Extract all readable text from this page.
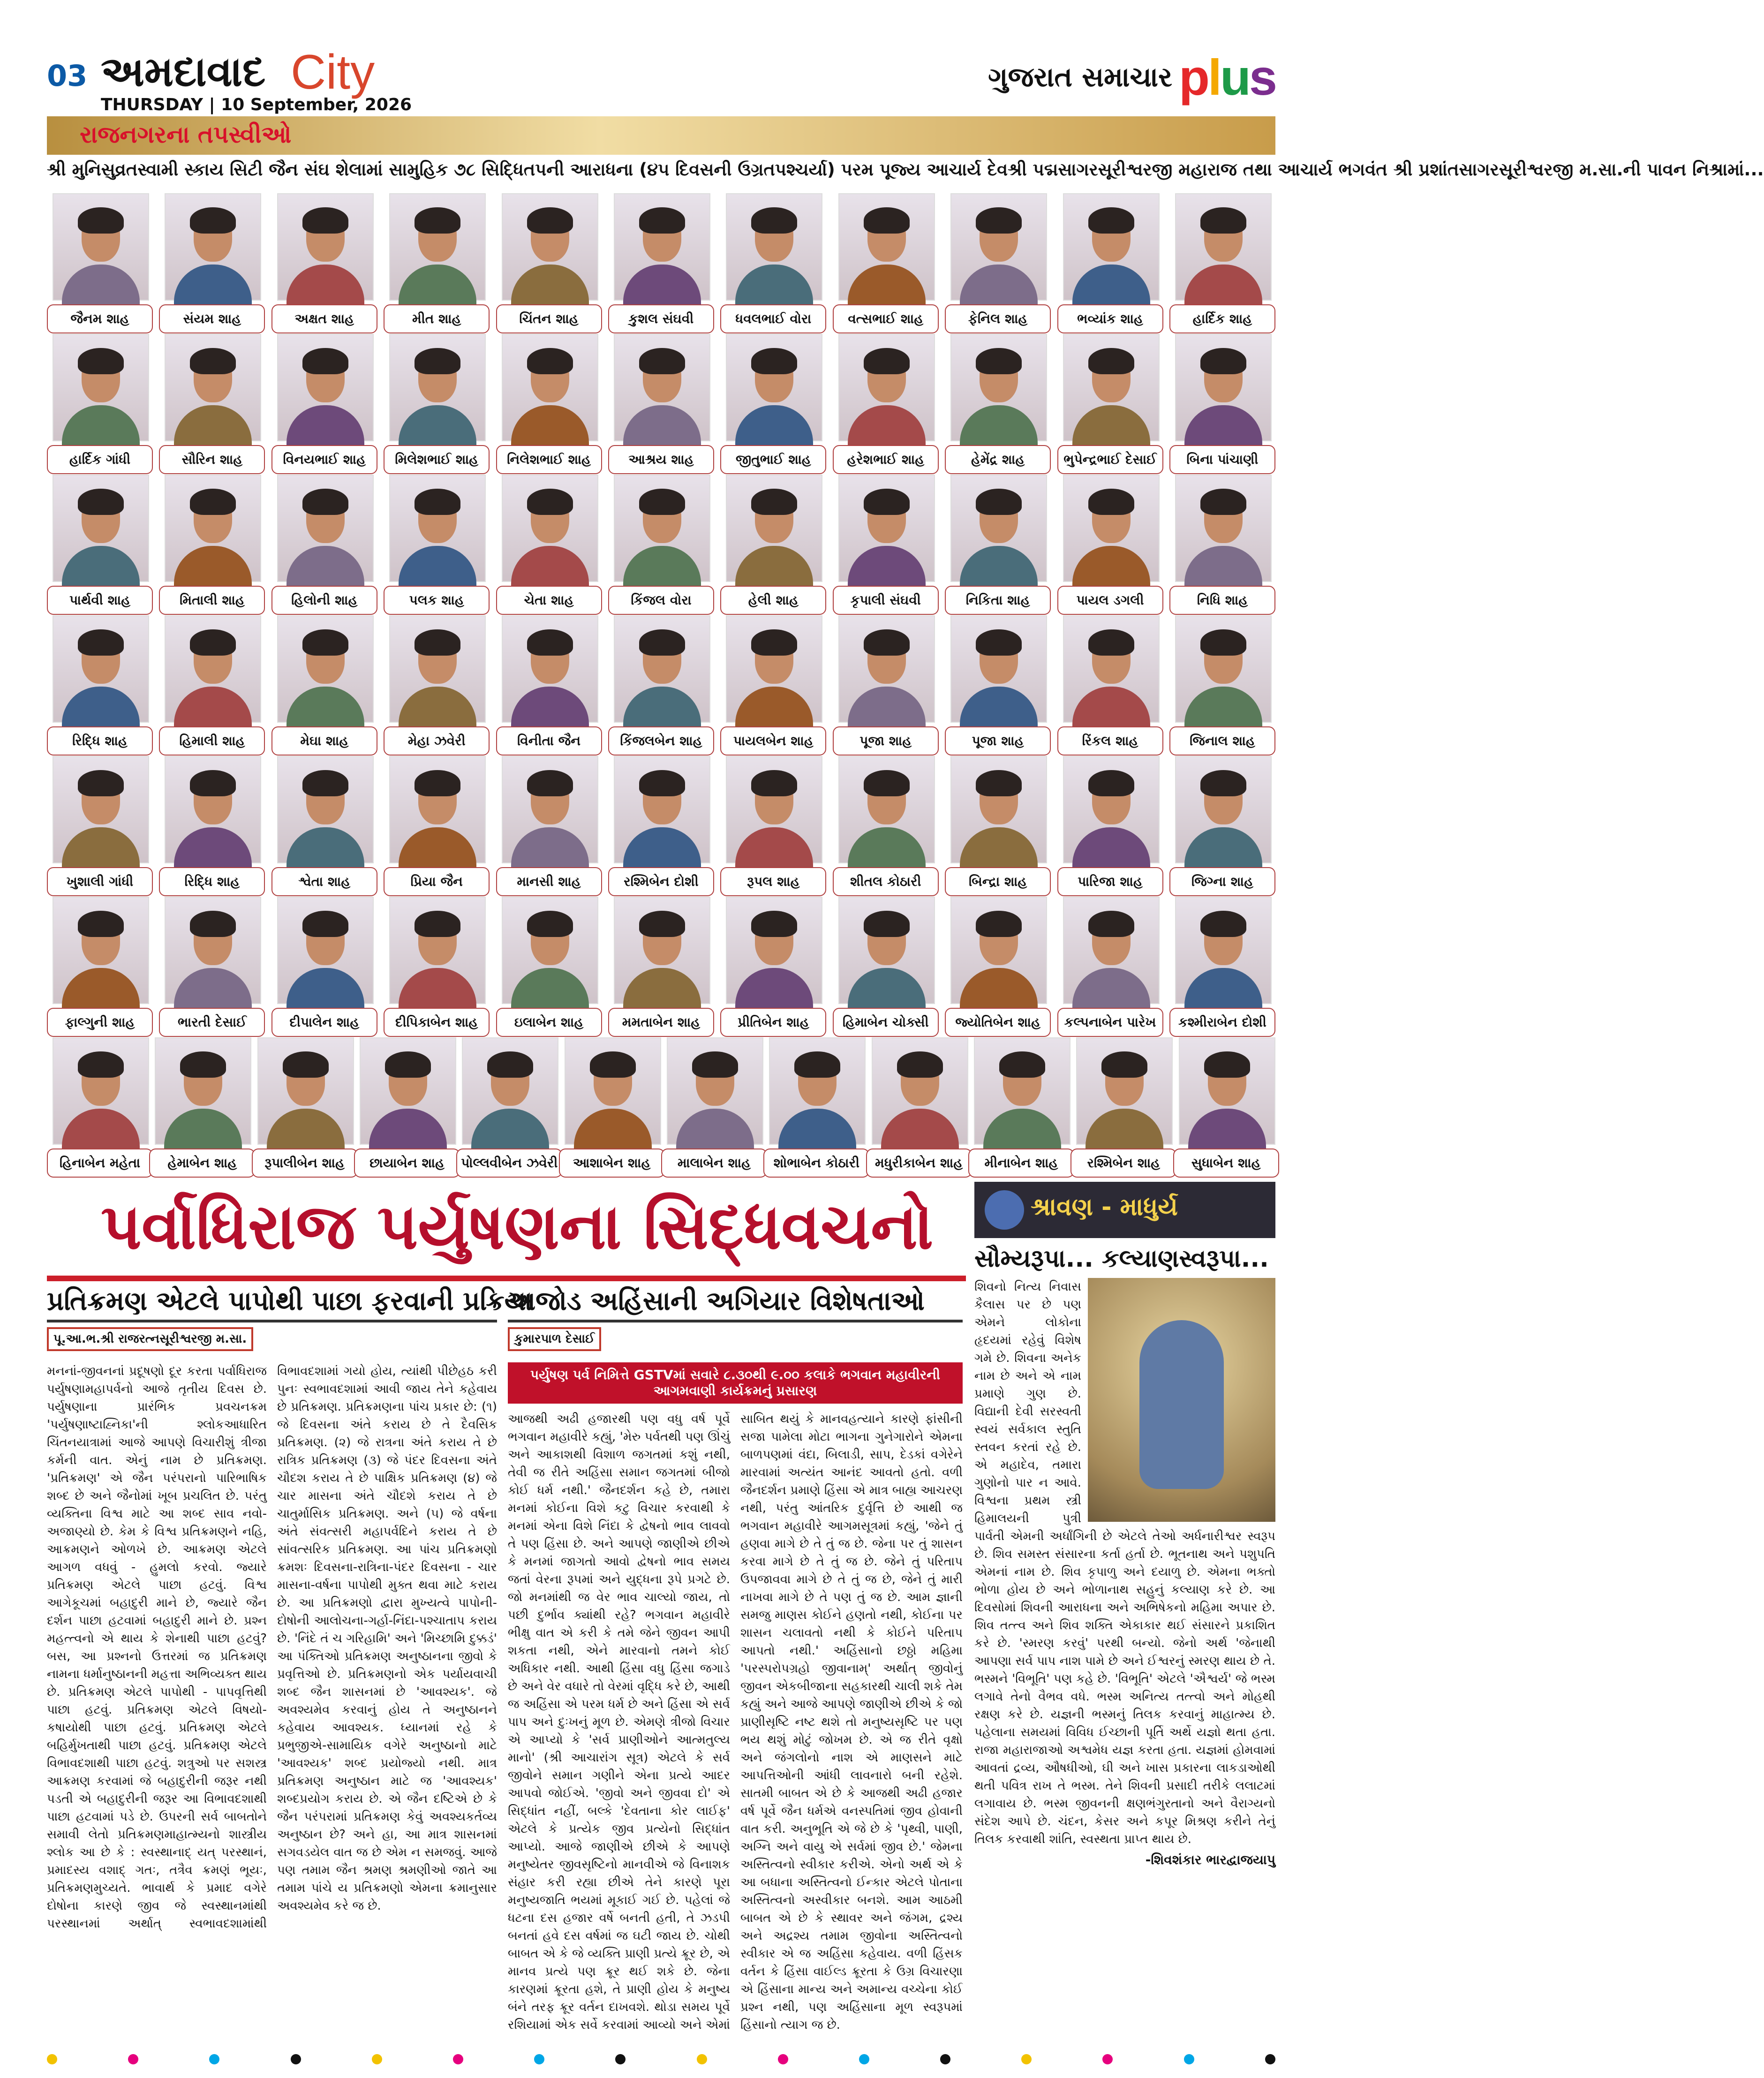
03 અમદાવાદ City
THURSDAY | 10 September, 2026
ગુજરાત સમાચાર plus
રાજનગરના તપસ્વીઓ
શ્રી મુનિસુવ્રતસ્વામી સ્કાય સિટી જૈન સંઘ શેલામાં સામુહિક ૭૮ સિદ્ધિતપની આરાધના (૪૫ દિવસની ઉગ્રતપશ્ચર્યા) પરમ પૂજ્ય આચાર્ય દેવશ્રી પદ્મસાગરસૂરીશ્વરજી મહારાજ તથા આચાર્ય ભગવંત શ્રી પ્રશાંતસાગરસૂરીશ્વરજી મ.સા.ની પાવન નિશ્રામાં...
જૈનમ શાહ	સંયમ શાહ	અક્ષત શાહ	મીત શાહ	ચિંતન શાહ	કુશલ સંઘવી	ધવલભાઈ વોરા	વત્સભાઈ શાહ	ફેનિલ શાહ	ભવ્યાંક શાહ	હાર્દિક શાહ
હાર્દિક ગાંધી	સૌરિન શાહ	વિનયભાઈ શાહ	મિલેશભાઈ શાહ	નિલેશભાઈ શાહ	આશ્રય શાહ	જીતુભાઈ શાહ	હરેશભાઈ શાહ	હેમેંદ્ર શાહ	ભુપેન્દ્રભાઈ દેસાઈ	બિના પાંચાણી
પાર્થવી શાહ	મિતાલી શાહ	હિલોની શાહ	પલક શાહ	ચેતા શાહ	કિંજલ વોરા	હેલી શાહ	કૃપાલી સંઘવી	નિકિતા શાહ	પાયલ ડગલી	નિધિ શાહ
રિદ્ધિ શાહ	હિમાલી શાહ	મેઘા શાહ	મેહા ઝવેરી	વિનીતા જૈન	કિંજલબેન શાહ	પાયલબેન શાહ	પૂજા શાહ	પૂજા શાહ	રિંકલ શાહ	જિનાલ શાહ
ખુશાલી ગાંધી	રિદ્ધિ શાહ	શ્વેતા શાહ	પ્રિયા જૈન	માનસી શાહ	રશ્મિબેન દોશી	રૂપલ શાહ	શીતલ કોઠારી	બિન્દ્રા શાહ	પારિજા શાહ	જિગ્ના શાહ
ફાલ્ગુની શાહ	ભારતી દેસાઈ	દીપાલેન શાહ	દીપિકાબેન શાહ	ઇલાબેન શાહ	મમતાબેન શાહ	પ્રીતિબેન શાહ	હિમાબેન ચોક્સી	જ્યોતિબેન શાહ	કલ્પનાબેન પારેખ	કશ્મીરાબેન દોશી
હિનાબેન મહેતા	હેમાબેન શાહ	રૂપાલીબેન શાહ	છાયાબેન શાહ	પોલ્લવીબેન ઝવેરી	આશાબેન શાહ	માલાબેન શાહ	શોભાબેન કોઠારી	મધુરીકાબેન શાહ	મીનાબેન શાહ	રશ્મિબેન શાહ	સુધાબેન શાહ
પર્વાધિરાજ પર્યુષણના સિદ્ધવચનો
પ્રતિક્રમણ એટલે પાપોથી પાછા ફરવાની પ્રક્રિયા
પૂ.આ.ભ.શ્રી રાજરત્નસૂરીશ્વરજી મ.સા.
મનનાં-જીવનનાં પ્રદૂષણો દૂર કરતા પર્વાધિરાજ પર્યુષણામહાપર્વનો આજે તૃતીય દિવસ છે. પર્યુષણાના પ્રારંભિક પ્રવચનક્રમ 'પર્યુષણાષ્ટાહ્નિકા'ની શ્લોકઆધારિત ચિંતનયાત્રામાં આજે આપણે વિચારીશું ત્રીજા કર્મની વાત. એનું નામ છે પ્રતિક્રમણ. 'પ્રતિક્રમણ' એ જૈન પરંપરાનો પારિભાષિક શબ્દ છે અને જૈનોમાં ખૂબ પ્રચલિત છે. પરંતુ વ્યક્તિના વિશ્વ માટે આ શબ્દ સાવ નવો-અજાણ્યો છે. કેમ કે વિશ્વ પ્રતિક્રમણને નહિ, આક્રમણને ઓળખે છે. આક્રમણ એટલે આગળ વધવું - હુમલો કરવો. જ્યારે પ્રતિક્રમણ એટલે પાછા હટવું. વિશ્વ આગેકૂચમાં બહાદુરી માને છે, જ્યારે જૈન દર્શન પાછા હટવામાં બહાદુરી માને છે. પ્રશ્ન મહત્ત્વનો એ થાય કે શેનાથી પાછા હટવું? બસ, આ પ્રશ્નનો ઉત્તરમાં જ પ્રતિક્રમણ નામના ધર્માનુષ્ઠાનની મહત્તા અભિવ્યક્ત થાય છે. પ્રતિક્રમણ એટલે પાપોથી - પાપવૃત્તિથી પાછા હટવું. પ્રતિક્રમણ એટલે વિષયો-કષાયોથી પાછા હટવું. પ્રતિક્રમણ એટલે બહિર્મુખતાથી પાછા હટવું. પ્રતિક્રમણ એટલે વિભાવદશાથી પાછા હટવું. શત્રુઓ પર સશસ્ત્ર આક્રમણ કરવામાં જે બહાદુરીની જરૂર નથી પડતી એ બહાદુરીની જરૂર આ વિભાવદશાથી પાછા હટવામાં પડે છે. ઉપરની સર્વ બાબતોને સમાવી લેતો પ્રતિક્રમણમાહાત્મ્યનો શાસ્ત્રીય શ્લોક આ છે કે : સ્વસ્થાનાદ્ યત્ પરસ્થાનં, પ્રમાદસ્ય વશાદ્ ગતઃ, તત્રૈવ ક્રમણં ભૂયઃ, પ્રતિક્રમણમુચ્યતે. ભાવાર્થ કે પ્રમાદ વગેરે દોષોના કારણે જીવ જે સ્વસ્થાનમાંથી પરસ્થાનમાં અર્થાત્ સ્વભાવદશામાંથી વિભાવદશામાં ગયો હોય, ત્યાંથી પીછેહઠ કરી પુનઃ સ્વભાવદશામાં આવી જાય તેને કહેવાય છે પ્રતિક્રમણ. પ્રતિક્રમણના પાંચ પ્રકાર છે: (૧) જે દિવસના અંતે કરાય છે તે દૈવસિક પ્રતિક્રમણ. (૨) જે રાત્રના અંતે કરાય તે છે રાત્રિક પ્રતિક્રમણ (૩) જે પંદર દિવસના અંતે ચૌદશ કરાય તે છે પાક્ષિક પ્રતિક્રમણ (૪) જે ચાર માસના અંતે ચૌદશે કરાય તે છે ચાતુર્માસિક પ્રતિક્રમણ. અને (૫) જે વર્ષના અંતે સંવત્સરી મહાપર્વદિને કરાય તે છે સાંવત્સરિક પ્રતિક્રમણ. આ પાંચ પ્રતિક્રમણો ક્રમશઃ દિવસના-રાત્રિના-પંદર દિવસના - ચાર માસના-વર્ષના પાપોથી મુક્ત થવા માટે કરાય છે. આ પ્રતિક્રમણો દ્વારા મુખ્યત્વે પાપોની-દોષોની આલોચના-ગર્હા-નિંદા-પશ્ચાતાપ કરાય છે. 'નિંદે તં ચ ગરિહામિ' અને 'મિચ્છામિ દુક્કડં' આ પંક્તિઓ પ્રતિક્રમણ અનુષ્ઠાનના જીવો કે પ્રવૃત્તિઓ છે. પ્રતિક્રમણનો એક પર્યાયવાચી શબ્દ જૈન શાસનમાં છે 'આવશ્યક'. જે અવશ્યમેવ કરવાનું હોય તે અનુષ્ઠાનને કહેવાય આવશ્યક. ધ્યાનમાં રહે કે પ્રભુજીએ-સામાયિક વગેરે અનુષ્ઠાનો માટે 'આવશ્યક' શબ્દ પ્રયોજ્યો નથી. માત્ર પ્રતિક્રમણ અનુષ્ઠાન માટે જ 'આવશ્યક' શબ્દપ્રયોગ કરાય છે. એ જૈન દષ્ટિએ છે કે જૈન પરંપરામાં પ્રતિક્રમણ કેવું અવશ્યકર્તવ્ય અનુષ્ઠાન છે? અને હા, આ માત્ર શાસનમાં સગવડયેલ વાત જ છે એમ ન સમજવું. આજે પણ તમામ જૈન શ્રમણ શ્રમણીઓ જાતે આ તમામ પાંચે ય પ્રતિક્રમણો એમના ક્રમાનુસાર અવશ્યમેવ કરે જ છે.
અજોડ અહિંસાની અગિયાર વિશેષતાઓ
કુમારપાળ દેસાઈ
પર્યુષણ પર્વ નિમિત્તે GSTVમાં સવારે ૮.૩૦થી ૯.૦૦ કલાકે ભગવાન મહાવીરની આગમવાણી કાર્યક્રમનું પ્રસારણ
આજથી અઢી હજારથી પણ વધુ વર્ષ પૂર્વે ભગવાન મહાવીરે કહ્યું, 'મેરુ પર્વતથી પણ ઊંચું અને આકાશથી વિશાળ જગતમાં કશું નથી, તેવી જ રીતે અહિંસા સમાન જગતમાં બીજો કોઈ ધર્મ નથી.' જૈનદર્શન કહે છે, તમારા મનમાં કોઈના વિશે કટુ વિચાર કરવાથી કે મનમાં એના વિશે નિંદા કે દ્વેષનો ભાવ લાવવો તે પણ હિંસા છે. અને આપણે જાણીએ છીએ કે મનમાં જાગતો આવો દ્વેષનો ભાવ સમય જતાં વેરના રૂપમાં અને યુદ્ધના રૂપે પ્રગટે છે. જો મનમાંથી જ વેર ભાવ ચાલ્યો જાય, તો પછી દુર્ભાવ ક્યાંથી રહે? ભગવાન મહાવીરે ભીક્ષુ વાત એ કરી કે તમે જેને જીવન આપી શકતા નથી, એને મારવાનો તમને કોઈ અધિકાર નથી. આથી હિંસા વધુ હિંસા જગાડે છે અને વેર વધારે તો વેરમાં વૃદ્ધિ કરે છે, આથી જ અહિંસા એ પરમ ધર્મ છે અને હિંસા એ સર્વ પાપ અને દુઃખનું મૂળ છે. એમણે ત્રીજો વિચાર એ આપ્યો કે 'સર્વ પ્રાણીઓને આત્મતુલ્ય માનો' (શ્રી આચારાંગ સૂત્ર) એટલે કે સર્વ જીવોને સમાન ગણીને એના પ્રત્યે આદર આપવો જોઈએ. 'જીવો અને જીવવા દો' એ સિદ્ધાંત નહીં, બલ્કે 'દેવતાના કોર લાઈફ' એટલે કે પ્રત્યેક જીવ પ્રત્યેનો સિદ્ધાંત આપ્યો. આજે જાણીએ છીએ કે આપણે મનુષ્યેતર જીવસૃષ્ટિનો માનવીએ જે વિનાશક સંહાર કરી રહ્યા છીએ તેને કારણે પૂરા મનુષ્યજાતિ ભયમાં મૂકાઈ ગઈ છે. પહેલાં જે ધટના દસ હજાર વર્ષે બનતી હતી, તે ઝડપી બનતાં હવે દસ વર્ષમાં જ ઘટી જાય છે. ચોથી બાબત એ કે જે વ્યક્તિ પ્રાણી પ્રત્યે ક્રૂર છે, એ માનવ પ્રત્યે પણ ક્રૂર થઈ શકે છે. જેના કારણમાં ક્રૂરતા હશે, તે પ્રાણી હોય કે મનુષ્ય બંને તરફ ક્રૂર વર્તન દાખવશે. થોડા સમય પૂર્વે રશિયામાં એક સર્વે કરવામાં આવ્યો અને એમાં સાબિત થયું કે માનવહત્યાને કારણે ફાંસીની સજા પામેલા મોટા ભાગના ગુનેગારોને એમના બાળપણમાં વંદા, બિલાડી, સાપ, દેડકાં વગેરેને મારવામાં અત્યંત આનંદ આવતો હતો. વળી જૈનદર્શન પ્રમાણે હિંસા એ માત્ર બાહ્ય આચરણ નથી, પરંતુ આંતરિક દુર્વૃત્તિ છે આથી જ ભગવાન મહાવીરે આગમસૂત્રમાં કહ્યું, 'જેને તું હણવા માગે છે તે તું જ છે. જેના પર તું શાસન કરવા માગે છે તે તું જ છે. જેને તું પરિતાપ ઉપજાવવા માગે છે તે તું જ છે, જેને તું મારી નાખવા માગે છે તે પણ તું જ છે. આમ જ્ઞાની સમજુ માણસ કોઈને હણતો નથી, કોઈના પર શાસન ચલાવતો નથી કે કોઈને પરિતાપ આપતો નથી.' અહિંસાનો છઠ્ઠો મહિમા 'પરસ્પરોપગ્રહો જીવાનામ્' અર્થાત્ જીવોનું જીવન એકબીજાના સહકારથી ચાલી શકે તેમ કહ્યું અને આજે આપણે જાણીએ છીએ કે જો પ્રાણીસૃષ્ટિ નષ્ટ થશે તો મનુષ્યસૃષ્ટિ પર પણ ભય થશું મોટું જોખમ છે. એ જ રીતે વૃક્ષો અને જંગલોનો નાશ એ માણસને માટે આપત્તિઓની આંધી લાવનારો બની રહેશે. સાતમી બાબત એ છે કે આજથી અઢી હજાર વર્ષ પૂર્વે જૈન ધર્મએ વનસ્પતિમાં જીવ હોવાની વાત કરી. અનુભૂતિ એ જે છે કે 'પૃથ્વી, પાણી, અગ્નિ અને વાયુ એ સર્વમાં જીવ છે.' જેમના અસ્તિત્વનો સ્વીકાર કરીએ. એનો અર્થ એ કે આ બધાના અસ્તિત્વનો ઈન્કાર એટલે પોતાના અસ્તિત્વનો અસ્વીકાર બનશે. આમ આઠમી બાબત એ છે કે સ્થાવર અને જંગમ, દ્રશ્ય અને અદ્રશ્ય તમામ જીવોના અસ્તિત્વનો સ્વીકાર એ જ અહિંસા કહેવાય. વળી હિંસક વર્તન કે હિંસા વાઈલ્ડ ક્રૂરતા કે ઉગ્ર વિચારણા એ હિંસાના માન્ય અને અમાન્ય વચ્ચેના કોઈ પ્રશ્ન નથી, પણ અહિંસાના મૂળ સ્વરૂપમાં હિંસાનો ત્યાગ જ છે.
શ્રાવણ - માધુર્ય
સૌમ્યરૂપા... કલ્યાણસ્વરૂપા...
શિવનો નિત્ય નિવાસ કૈલાસ પર છે પણ એમને લોકોના હૃદયમાં રહેવું વિશેષ ગમે છે. શિવના અનેક નામ છે અને એ નામ પ્રમાણે ગુણ છે. વિદ્યાની દેવી સરસ્વતી સ્વયં સર્વકાલ સ્તુતિ સ્તવન કરતાં રહે છે. એ મહાદેવ, તમારા ગુણોનો પાર ન આવે. વિશ્વના પ્રથમ સ્ત્રી હિમાલયની પુત્રી પાર્વતી એમની અર્ધાંગિની છે એટલે તેઓ અર્ધનારીશ્વર સ્વરૂપ છે. શિવ સમસ્ત સંસારના કર્તા હર્તા છે. ભૂતનાથ અને પશુપતિ એમનાં નામ છે. શિવ કૃપાળુ અને દયાળુ છે. એમના ભક્તો ભોળા હોય છે અને ભોળાનાથ સહુનું કલ્યાણ કરે છે. આ દિવસોમાં શિવની આરાધના અને અભિષેકનો મહિમા અપાર છે. શિવ તત્ત્વ અને શિવ શક્તિ એકાકાર થઈ સંસારને પ્રકાશિત કરે છે. 'સ્મરણ કરવું' પરથી બન્યો. જેનો અર્થ 'જેનાથી આપણા સર્વ પાપ નાશ પામે છે અને ઈશ્વરનું સ્મરણ થાય છે તે. ભસ્મને 'વિભૂતિ' પણ કહે છે. 'વિભૂતિ' એટલે 'ઐશ્વર્ય' જે ભસ્મ લગાવે તેનો વૈભવ વધે. ભસ્મ અનિત્ય તત્ત્વો અને મોહથી રક્ષણ કરે છે. યજ્ઞની ભસ્મનું તિલક કરવાનું માહાત્મ્ય છે. પહેલાના સમયમાં વિવિધ ઈચ્છાની પૂર્તિ અર્થે યજ્ઞો થતા હતા. રાજા મહારાજાઓ અશ્વમેધ યજ્ઞ કરતા હતા. યજ્ઞમાં હોમવામાં આવતાં દ્રવ્ય, ઔષધીઓ, ઘી અને ખાસ પ્રકારના લાકડાઓથી થતી પવિત્ર રાખ તે ભસ્મ. તેને શિવની પ્રસાદી તરીકે લલાટમાં લગાવાય છે. ભસ્મ જીવનની ક્ષણભંગુરતાનો અને વૈરાગ્યનો સંદેશ આપે છે. ચંદન, કેસર અને કપૂર મિશ્રણ કરીને તેનું તિલક કરવાથી શાંતિ, સ્વસ્થતા પ્રાપ્ત થાય છે.
-શિવશંકાર ભારદ્વાજયાપુ
